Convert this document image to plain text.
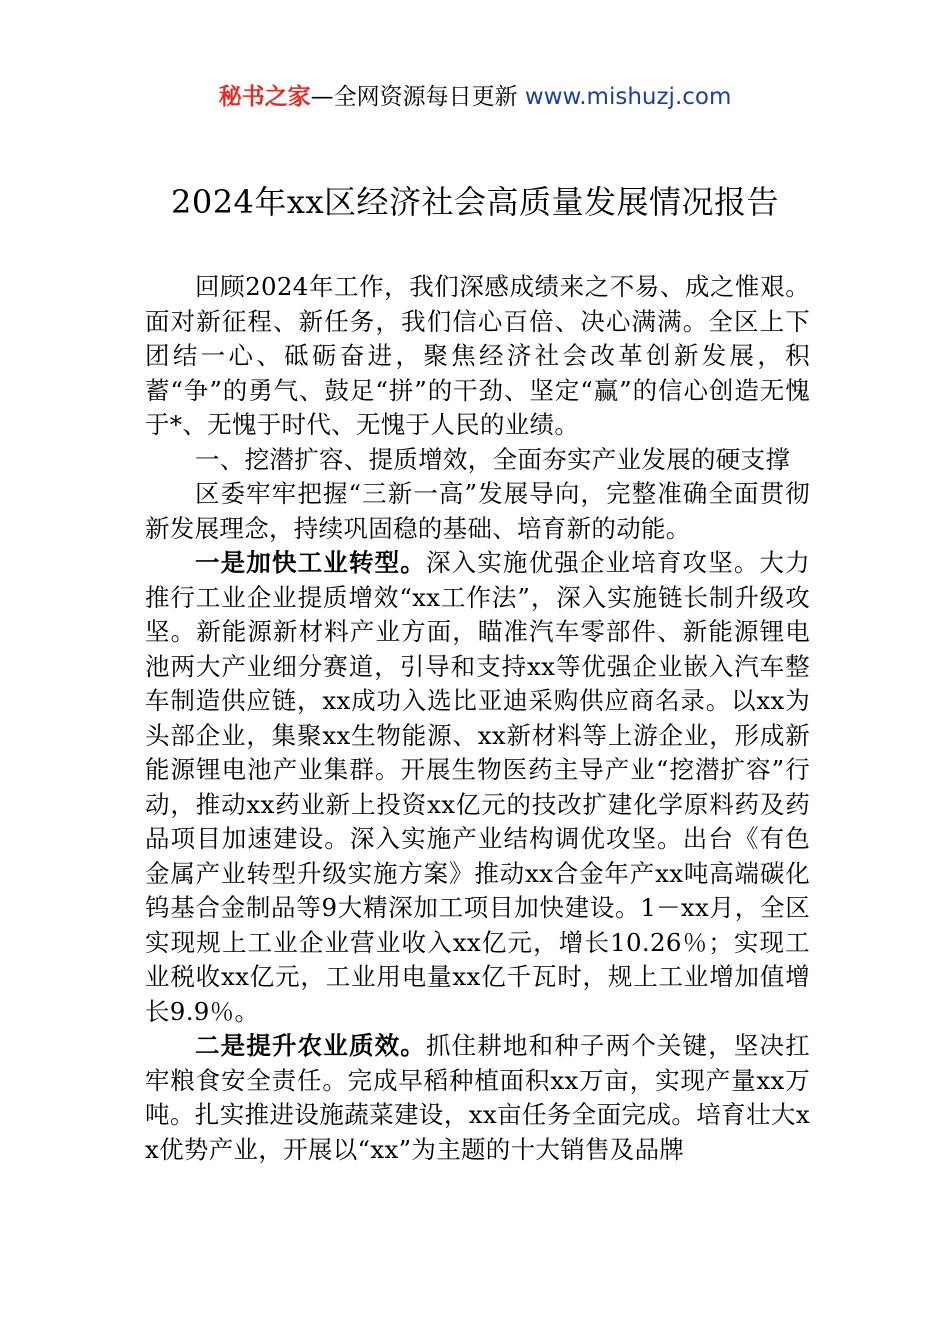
秘书之家—全网资源每日更新 www.mishuzj.com
2024年xx区经济社会高质量发展情况报告

回顾2024年工作，我们深感成绩来之不易、成之惟艰。面对新征程、新任务，我们信心百倍、决心满满。全区上下团结一心、砥砺奋进，聚焦经济社会改革创新发展，积蓄“争”的勇气、鼓足“拼”的干劲、坚定“赢”的信心创造无愧于*、无愧于时代、无愧于人民的业绩。

一、挖潜扩容、提质增效，全面夯实产业发展的硬支撑

区委牢牢把握“三新一高”发展导向，完整准确全面贯彻新发展理念，持续巩固稳的基础、培育新的动能。

一是加快工业转型。深入实施优强企业培育攻坚。大力推行工业企业提质增效“xx工作法”，深入实施链长制升级攻坚。新能源新材料产业方面，瞄准汽车零部件、新能源锂电池两大产业细分赛道，引导和支持xx等优强企业嵌入汽车整车制造供应链，xx成功入选比亚迪采购供应商名录。以xx为头部企业，集聚xx生物能源、xx新材料等上游企业，形成新能源锂电池产业集群。开展生物医药主导产业“挖潜扩容”行动，推动xx药业新上投资xx亿元的技改扩建化学原料药及药品项目加速建设。深入实施产业结构调优攻坚。出台《有色金属产业转型升级实施方案》推动xx合金年产xx吨高端碳化钨基合金制品等9大精深加工项目加快建设。1－xx月，全区实现规上工业企业营业收入xx亿元，增长10.26％；实现工业税收xx亿元，工业用电量xx亿千瓦时，规上工业增加值增长9.9％。

二是提升农业质效。抓住耕地和种子两个关键，坚决扛牢粮食安全责任。完成早稻种植面积xx万亩，实现产量xx万吨。扎实推进设施蔬菜建设，xx亩任务全面完成。培育壮大xx优势产业，开展以“xx”为主题的十大销售及品牌
